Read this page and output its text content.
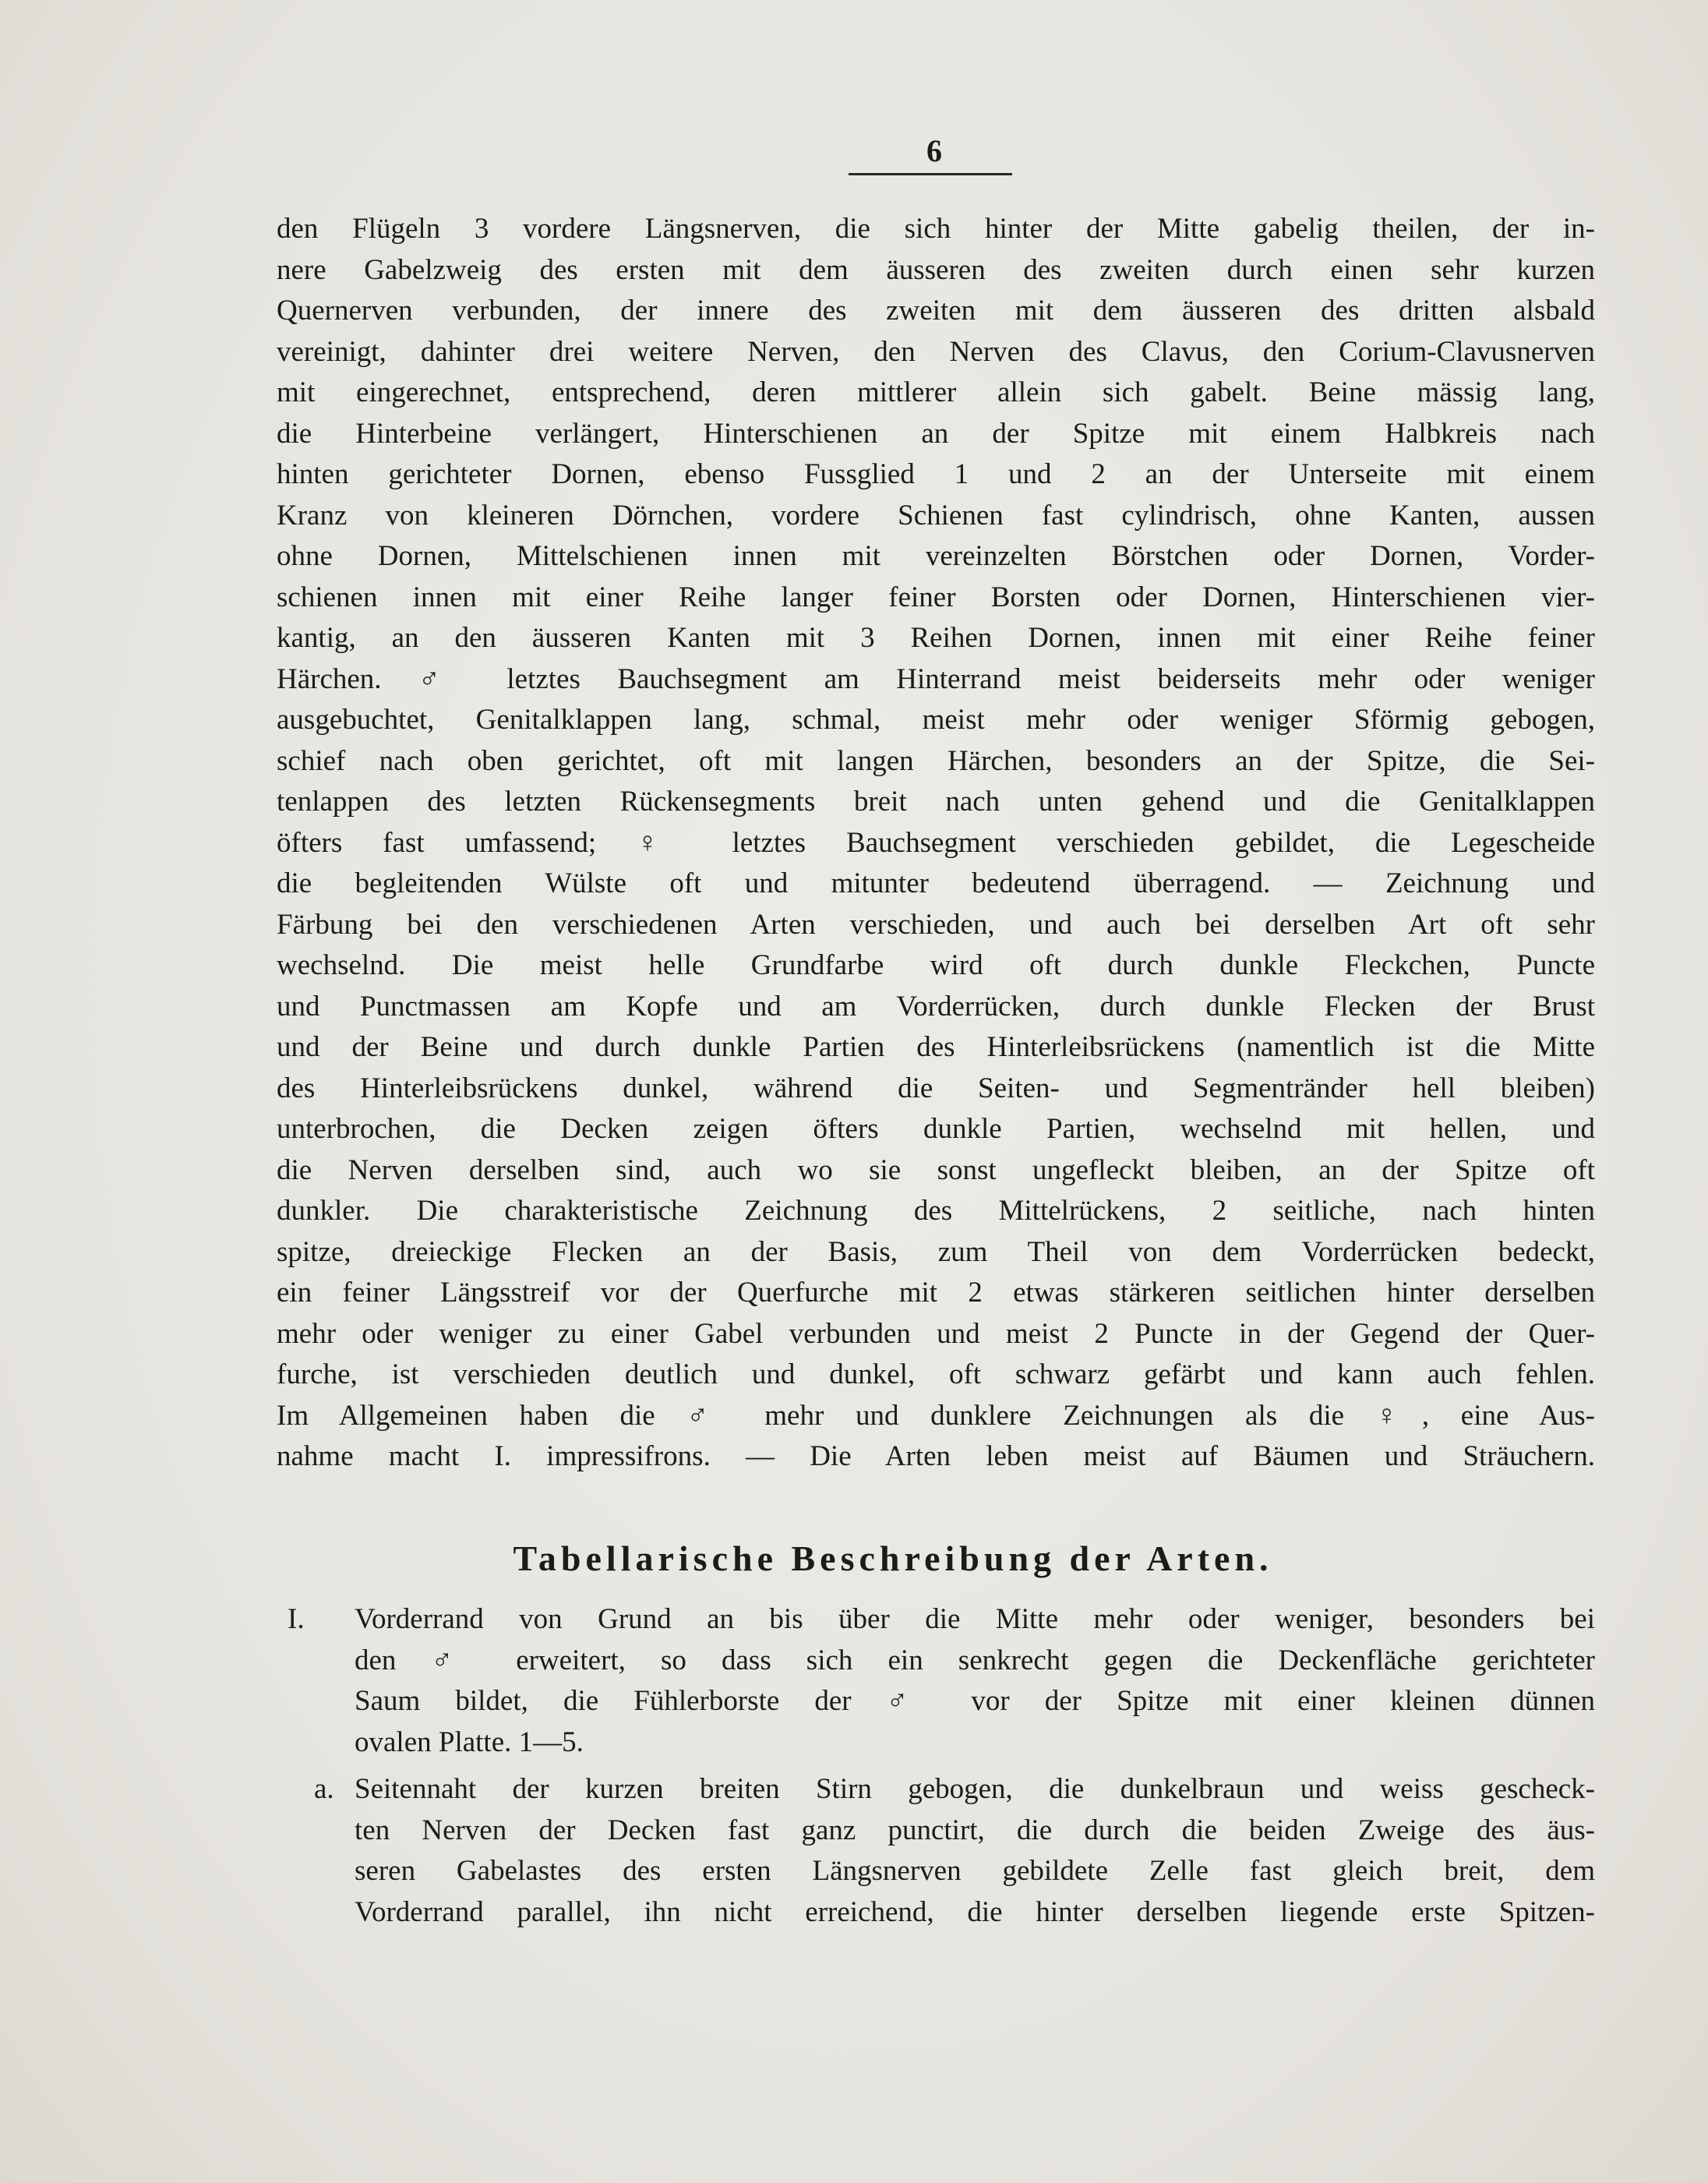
6
den Flügeln 3 vordere Längsnerven, die sich hinter der Mitte gabelig theilen, der in-
nere Gabelzweig des ersten mit dem äusseren des zweiten durch einen sehr kurzen
Quernerven verbunden, der innere des zweiten mit dem äusseren des dritten alsbald
vereinigt, dahinter drei weitere Nerven, den Nerven des Clavus, den Corium-Clavusnerven
mit eingerechnet, entsprechend, deren mittlerer allein sich gabelt. Beine mässig lang,
die Hinterbeine verlängert, Hinterschienen an der Spitze mit einem Halbkreis nach
hinten gerichteter Dornen, ebenso Fussglied 1 und 2 an der Unterseite mit einem
Kranz von kleineren Dörnchen, vordere Schienen fast cylindrisch, ohne Kanten, aussen
ohne Dornen, Mittelschienen innen mit vereinzelten Börstchen oder Dornen, Vorder-
schienen innen mit einer Reihe langer feiner Borsten oder Dornen, Hinterschienen vier-
kantig, an den äusseren Kanten mit 3 Reihen Dornen, innen mit einer Reihe feiner
Härchen. ♂ letztes Bauchsegment am Hinterrand meist beiderseits mehr oder weniger
ausgebuchtet, Genitalklappen lang, schmal, meist mehr oder weniger Sförmig gebogen,
schief nach oben gerichtet, oft mit langen Härchen, besonders an der Spitze, die Sei-
tenlappen des letzten Rückensegments breit nach unten gehend und die Genitalklappen
öfters fast umfassend; ♀ letztes Bauchsegment verschieden gebildet, die Legescheide
die begleitenden Wülste oft und mitunter bedeutend überragend. — Zeichnung und
Färbung bei den verschiedenen Arten verschieden, und auch bei derselben Art oft sehr
wechselnd. Die meist helle Grundfarbe wird oft durch dunkle Fleckchen, Puncte
und Punctmassen am Kopfe und am Vorderrücken, durch dunkle Flecken der Brust
und der Beine und durch dunkle Partien des Hinterleibsrückens (namentlich ist die Mitte
des Hinterleibsrückens dunkel, während die Seiten- und Segmentränder hell bleiben)
unterbrochen, die Decken zeigen öfters dunkle Partien, wechselnd mit hellen, und
die Nerven derselben sind, auch wo sie sonst ungefleckt bleiben, an der Spitze oft
dunkler. Die charakteristische Zeichnung des Mittelrückens, 2 seitliche, nach hinten
spitze, dreieckige Flecken an der Basis, zum Theil von dem Vorderrücken bedeckt,
ein feiner Längsstreif vor der Querfurche mit 2 etwas stärkeren seitlichen hinter derselben
mehr oder weniger zu einer Gabel verbunden und meist 2 Puncte in der Gegend der Quer-
furche, ist verschieden deutlich und dunkel, oft schwarz gefärbt und kann auch fehlen.
Im Allgemeinen haben die ♂ mehr und dunklere Zeichnungen als die ♀, eine Aus-
nahme macht I. impressifrons. — Die Arten leben meist auf Bäumen und Sträuchern.
Tabellarische Beschreibung der Arten.
I. Vorderrand von Grund an bis über die Mitte mehr oder weniger, besonders bei
den ♂ erweitert, so dass sich ein senkrecht gegen die Deckenfläche gerichteter
Saum bildet, die Fühlerborste der ♂ vor der Spitze mit einer kleinen dünnen
ovalen Platte. 1—5.
a. Seitennaht der kurzen breiten Stirn gebogen, die dunkelbraun und weiss gescheck-
ten Nerven der Decken fast ganz punctirt, die durch die beiden Zweige des äus-
seren Gabelastes des ersten Längsnerven gebildete Zelle fast gleich breit, dem
Vorderrand parallel, ihn nicht erreichend, die hinter derselben liegende erste Spitzen-
